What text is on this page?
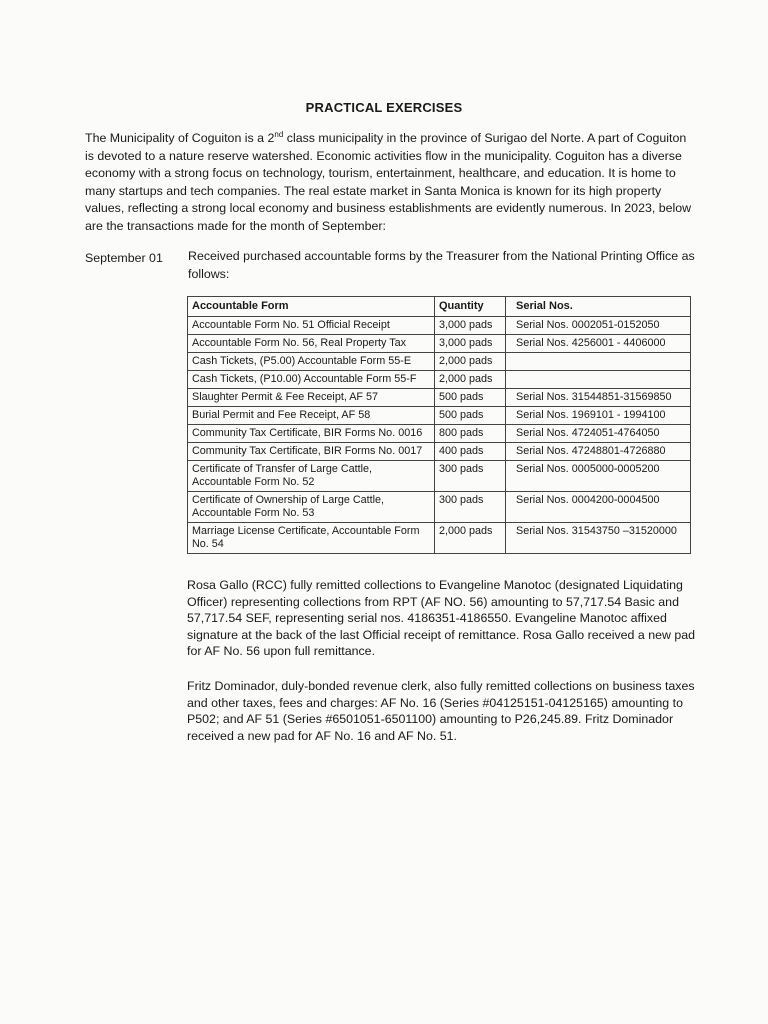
PRACTICAL EXERCISES
The Municipality of Coguiton is a 2nd class municipality in the province of Surigao del Norte. A part of Coguiton is devoted to a nature reserve watershed. Economic activities flow in the municipality. Coguiton has a diverse economy with a strong focus on technology, tourism, entertainment, healthcare, and education. It is home to many startups and tech companies. The real estate market in Santa Monica is known for its high property values, reflecting a strong local economy and business establishments are evidently numerous. In 2023, below are the transactions made for the month of September:
September 01 Received purchased accountable forms by the Treasurer from the National Printing Office as follows:
Accountable Form	Quantity	Serial Nos.
Accountable Form No. 51 Official Receipt	3,000 pads	Serial Nos. 0002051-0152050
Accountable Form No. 56, Real Property Tax	3,000 pads	Serial Nos. 4256001 - 4406000
Cash Tickets, (P5.00) Accountable Form 55-E	2,000 pads	
Cash Tickets, (P10.00) Accountable Form 55-F	2,000 pads	
Slaughter Permit & Fee Receipt, AF 57	500 pads	Serial Nos. 31544851-31569850
Burial Permit and Fee Receipt, AF 58	500 pads	Serial Nos. 1969101 - 1994100
Community Tax Certificate, BIR Forms No. 0016	800 pads	Serial Nos. 4724051-4764050
Community Tax Certificate, BIR Forms No. 0017	400 pads	Serial Nos. 47248801-4726880
Certificate of Transfer of Large Cattle, Accountable Form No. 52	300 pads	Serial Nos. 0005000-0005200
Certificate of Ownership of Large Cattle, Accountable Form No. 53	300 pads	Serial Nos. 0004200-0004500
Marriage License Certificate, Accountable Form No. 54	2,000 pads	Serial Nos. 31543750 –31520000
Rosa Gallo (RCC) fully remitted collections to Evangeline Manotoc (designated Liquidating Officer) representing collections from RPT (AF NO. 56) amounting to 57,717.54 Basic and 57,717.54 SEF, representing serial nos. 4186351-4186550. Evangeline Manotoc affixed signature at the back of the last Official receipt of remittance. Rosa Gallo received a new pad for AF No. 56 upon full remittance.
Fritz Dominador, duly-bonded revenue clerk, also fully remitted collections on business taxes and other taxes, fees and charges: AF No. 16 (Series #04125151-04125165) amounting to P502; and AF 51 (Series #6501051-6501100) amounting to P26,245.89. Fritz Dominador received a new pad for AF No. 16 and AF No. 51.
